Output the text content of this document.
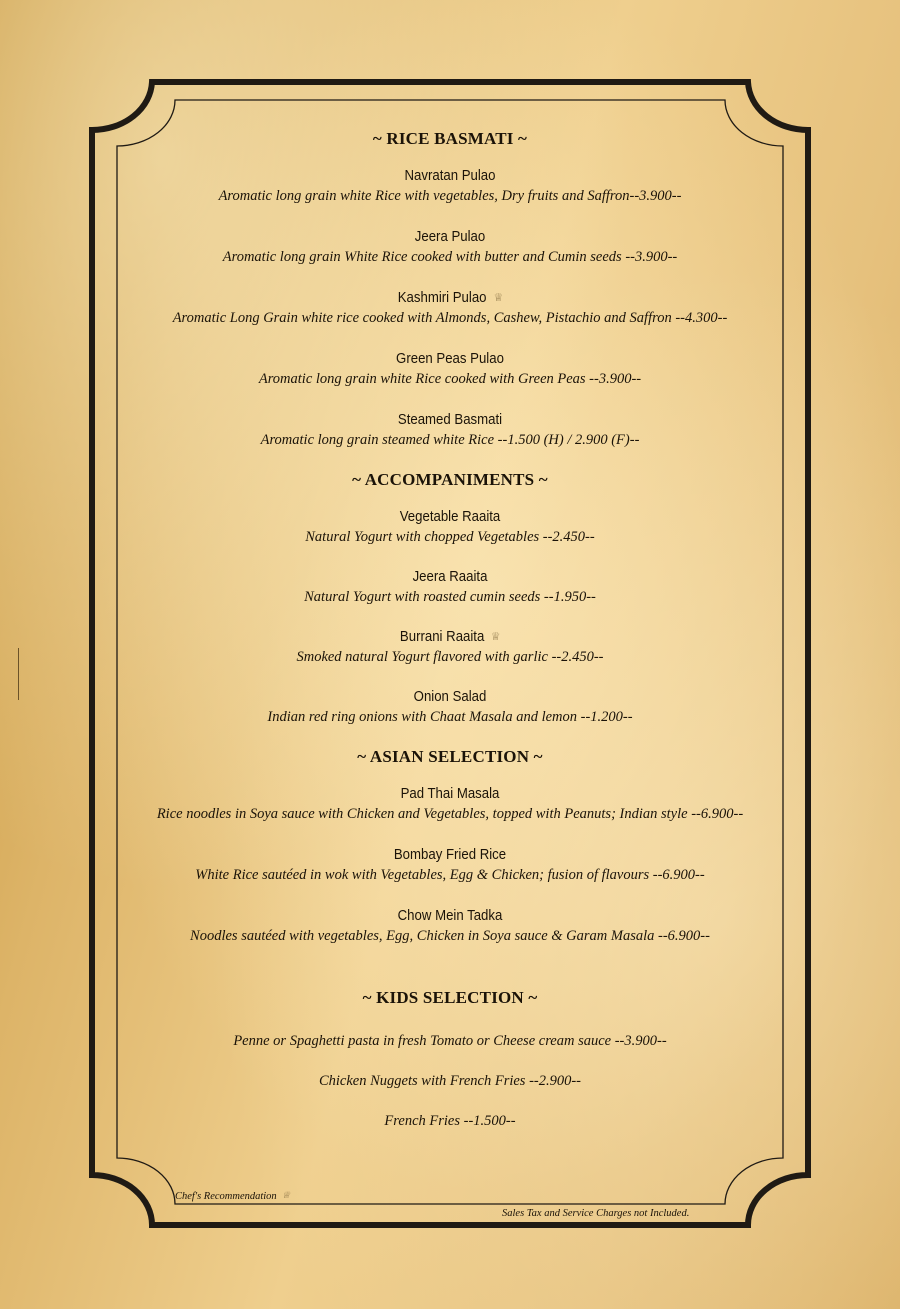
~ RICE BASMATI ~
Navratan Pulao
Aromatic long grain white Rice with vegetables, Dry fruits and Saffron--3.900--
Jeera Pulao
Aromatic long grain White Rice cooked with butter and Cumin seeds --3.900--
Kashmiri Pulao ♕
Aromatic Long Grain white rice cooked with Almonds, Cashew, Pistachio and Saffron --4.300--
Green Peas Pulao
Aromatic long grain white Rice cooked with Green Peas --3.900--
Steamed Basmati
Aromatic long grain steamed white Rice --1.500 (H) / 2.900 (F)--
~ ACCOMPANIMENTS ~
Vegetable Raaita
Natural Yogurt with chopped Vegetables --2.450--
Jeera Raaita
Natural Yogurt with roasted cumin seeds --1.950--
Burrani Raaita ♕
Smoked natural Yogurt flavored with garlic --2.450--
Onion Salad
Indian red ring onions with Chaat Masala and lemon --1.200--
~ ASIAN SELECTION ~
Pad Thai Masala
Rice noodles in Soya sauce with Chicken and Vegetables, topped with Peanuts; Indian style --6.900--
Bombay Fried Rice
White Rice sautéed in wok with Vegetables, Egg & Chicken; fusion of flavours --6.900--
Chow Mein Tadka
Noodles sautéed with vegetables, Egg, Chicken in Soya sauce & Garam Masala --6.900--
~ KIDS SELECTION ~
Penne or Spaghetti pasta in fresh Tomato or Cheese cream sauce --3.900--
Chicken Nuggets with French Fries --2.900--
French Fries --1.500--
Chef's Recommendation ♕
Sales Tax and Service Charges not Included.
